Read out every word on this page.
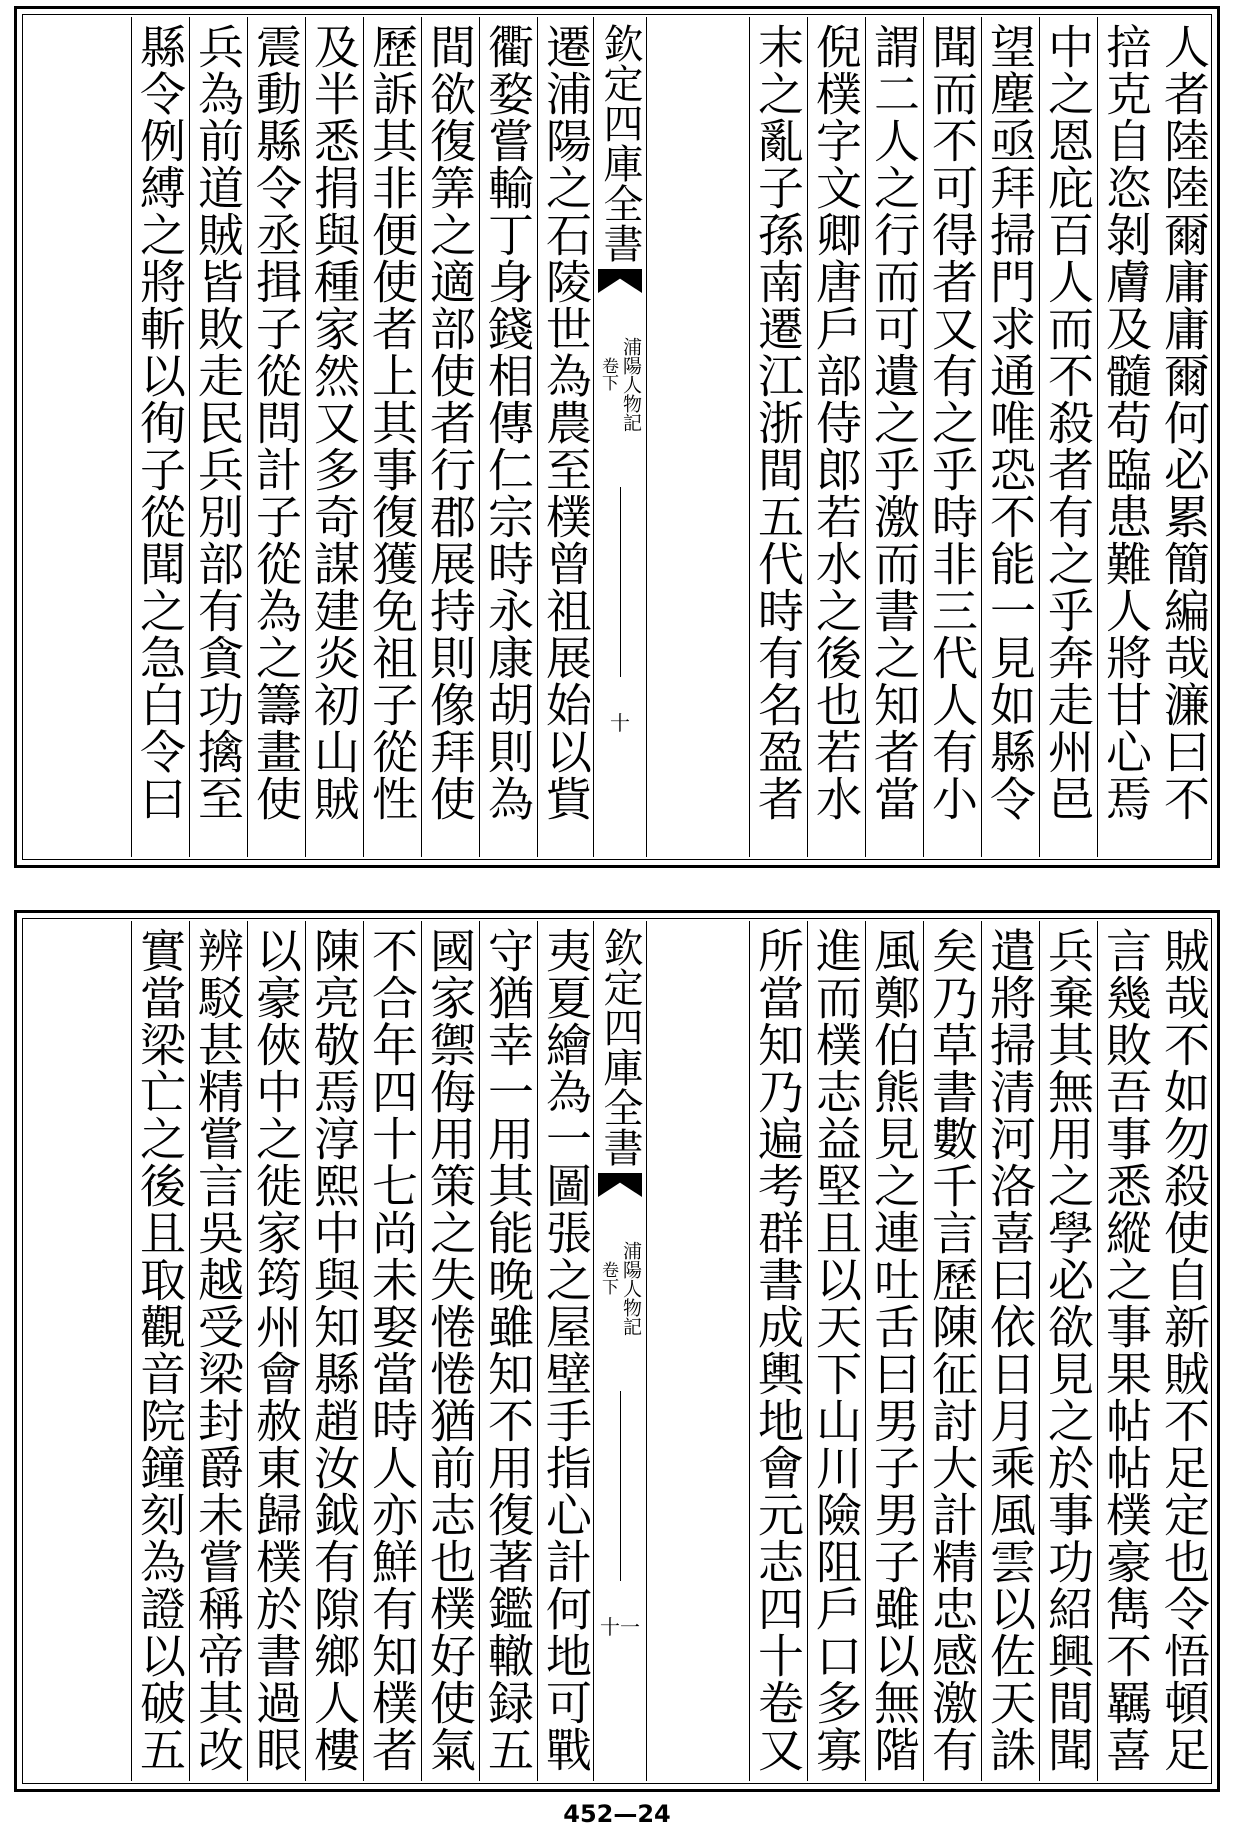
人者陸陸爾庸庸爾何必累簡編哉濂曰不
掊克自恣剝膚及髓苟臨患難人將甘心焉
中之恩庇百人而不殺者有之乎奔走州邑
望塵亟拜掃門求通唯恐不能一見如縣令
聞而不可得者又有之乎時非三代人有小
謂二人之行而可遺之乎激而書之知者當
倪樸字文卿唐戶部侍郎若水之後也若水
末之亂子孫南遷江浙間五代時有名盈者
欽定四庫全書
浦陽人物記
卷下
十
遷浦陽之石陵世為農至樸曾祖展始以貲
衢婺嘗輸丁身錢相傳仁宗時永康胡則為
間欲復筭之適部使者行郡展持則像拜使
歷訴其非便使者上其事復獲免祖子從性
及半悉捐與種家然又多奇謀建炎初山賊
震動縣令丞揖子從問計子從為之籌畫使
兵為前道賊皆敗走民兵別部有貪功擒至
縣令例縛之將斬以徇子從聞之急白令曰
賊哉不如勿殺使自新賊不足定也令悟頓足
言幾敗吾事悉縱之事果帖帖樸豪雋不羈喜
兵棄其無用之學必欲見之於事功紹興間聞
遣將掃清河洛喜曰依日月乘風雲以佐天誅
矣乃草書數千言歷陳征討大計精忠感激有
風鄭伯熊見之連吐舌曰男子男子雖以無階
進而樸志益堅且以天下山川險阻戶口多寡
所當知乃遍考群書成輿地會元志四十卷又
欽定四庫全書
浦陽人物記
卷下
十一
夷夏繪為一圖張之屋壁手指心計何地可戰
守猶幸一用其能晚雖知不用復著鑑轍録五
國家禦侮用策之失惓惓猶前志也樸好使氣
不合年四十七尚未娶當時人亦鮮有知樸者
陳亮敬焉淳熙中與知縣趙汝鉞有隙鄉人樓
以豪俠中之徙家筠州會赦東歸樸於書過眼
辨駁甚精嘗言吳越受梁封爵未嘗稱帝其改
實當梁亡之後且取觀音院鐘刻為證以破五
452—24
